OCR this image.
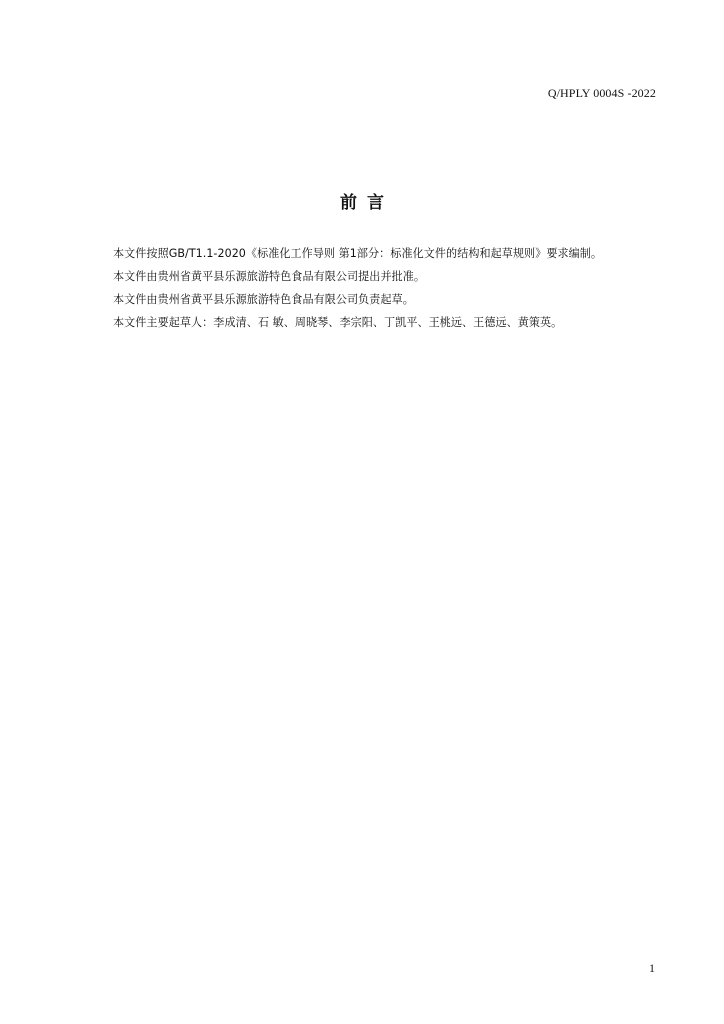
Q/HPLY 0004S -2022
前言

本文件按照GB/T1.1-2020《标准化工作导则 第1部分：标准化文件的结构和起草规则》要求编制。

本文件由贵州省黄平县乐源旅游特色食品有限公司提出并批准。

本文件由贵州省黄平县乐源旅游特色食品有限公司负责起草。

本文件主要起草人：李成清、石 敏、周晓琴、李宗阳、丁凯平、王桃远、王德远、黄策英。

1
